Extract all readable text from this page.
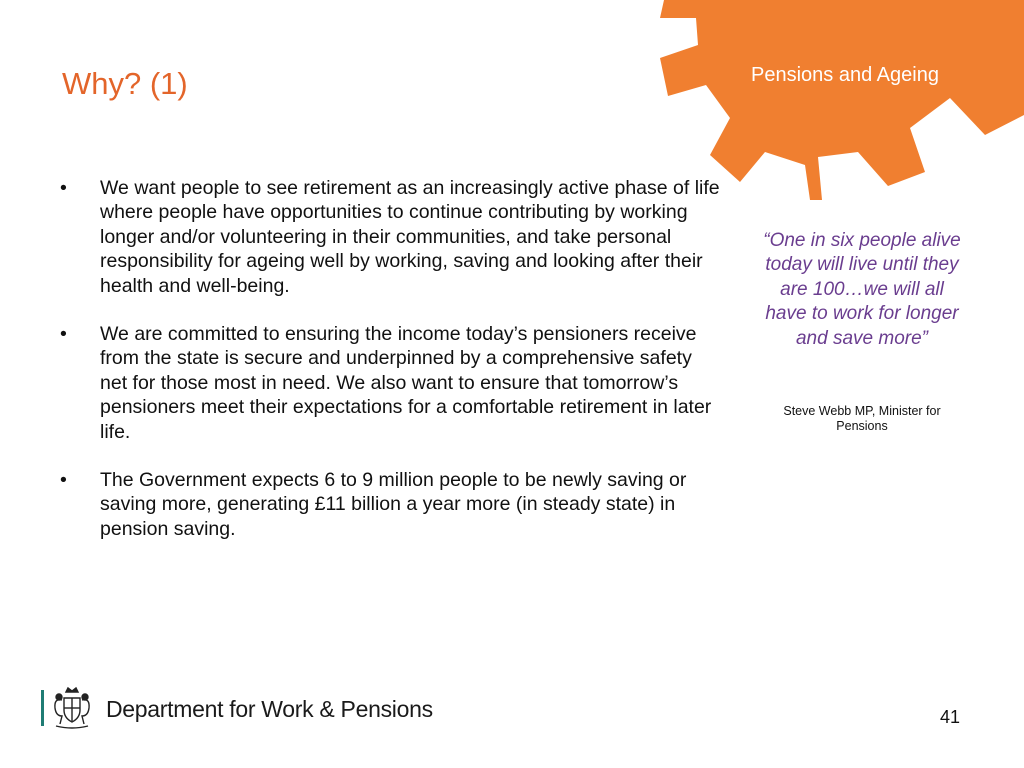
Pensions and Ageing
Why? (1)
•	We want people to see retirement as an increasingly active phase of life where people have opportunities to continue contributing by working longer and/or volunteering in their communities, and take personal responsibility for ageing well by working, saving and looking after their health and well-being.
•	We are committed to ensuring the income today’s pensioners receive from the state is secure and underpinned by a comprehensive safety net for those most in need. We also want to ensure that tomorrow’s pensioners meet their expectations for a comfortable retirement in later life.
•	The Government expects 6 to 9 million people to be newly saving or saving more, generating £11 billion a year more (in steady state) in pension saving.

“One in six people alive today will live until they are 100…we will all have to work for longer and save more”

Steve Webb MP, Minister for Pensions
Department for Work & Pensions	41
